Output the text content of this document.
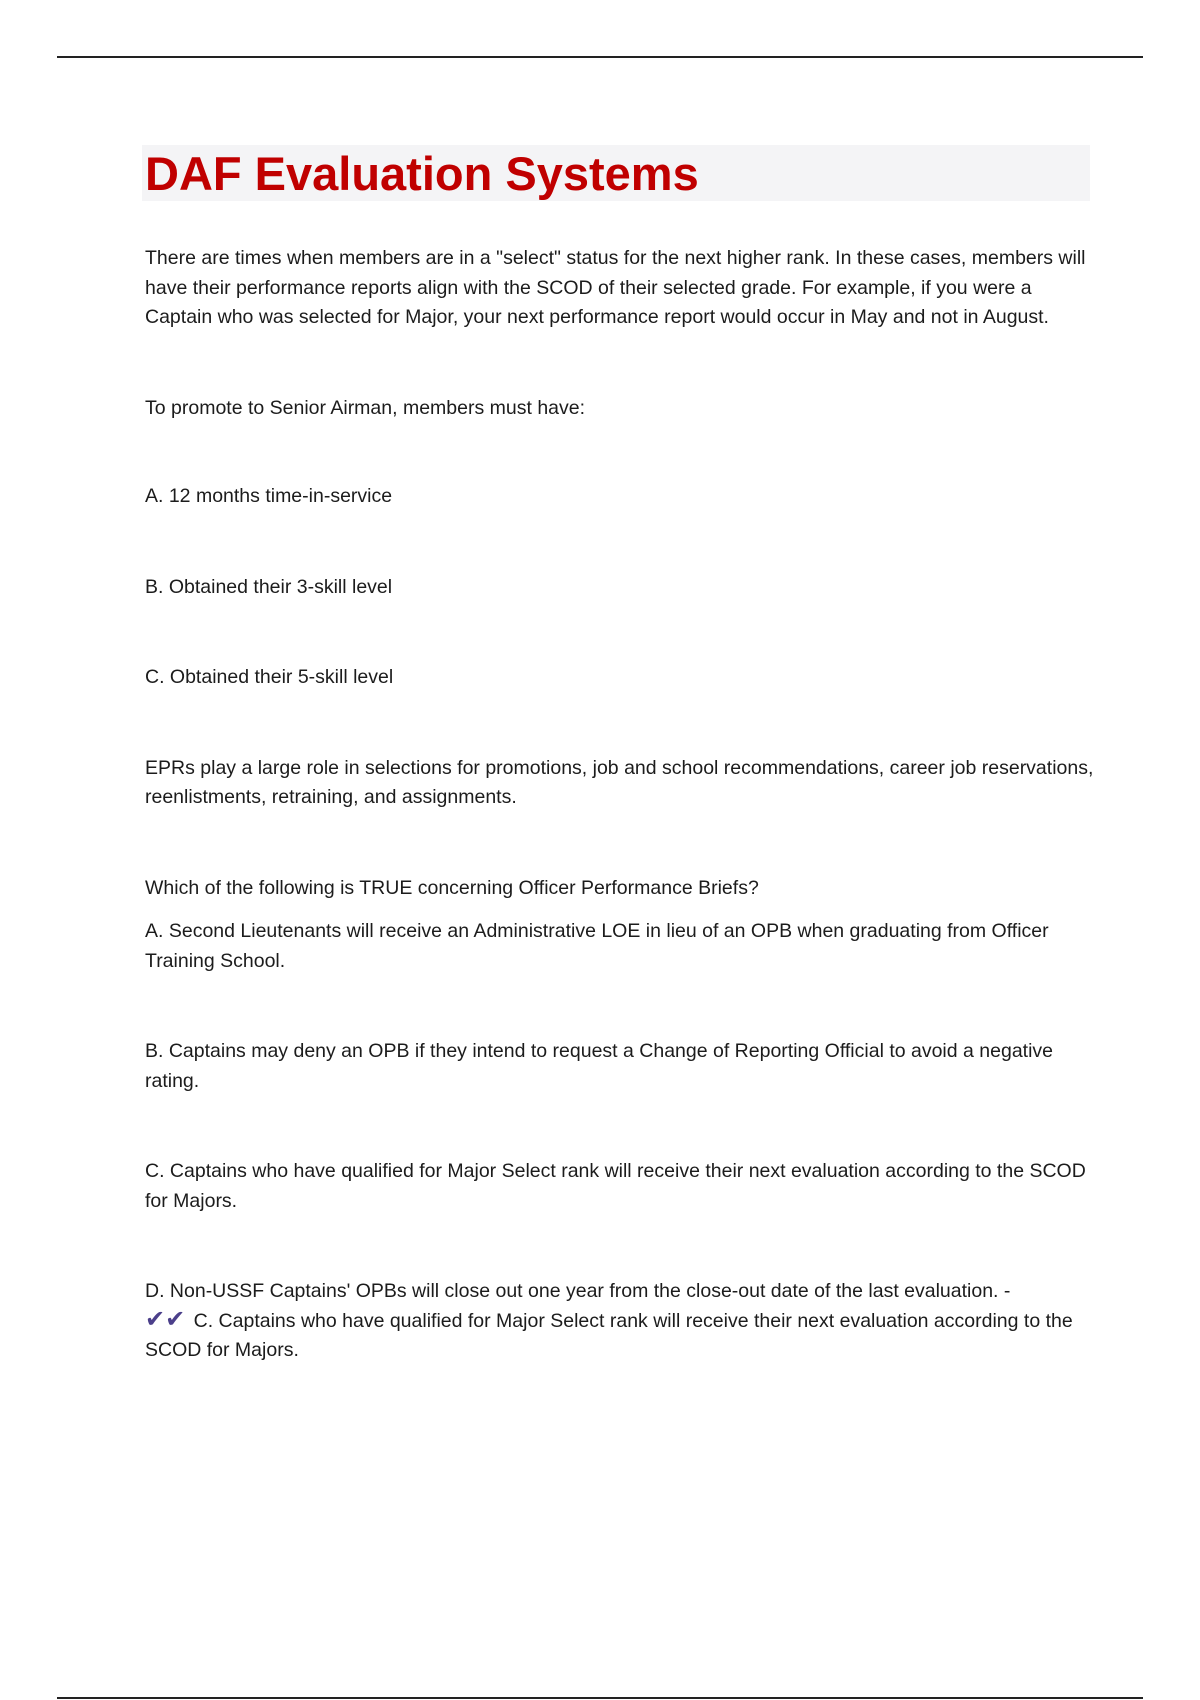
DAF Evaluation Systems

There are times when members are in a "select" status for the next higher rank. In these cases, members will have their performance reports align with the SCOD of their selected grade. For example, if you were a Captain who was selected for Major, your next performance report would occur in May and not in August.

To promote to Senior Airman, members must have:

A. 12 months time-in-service

B. Obtained their 3-skill level

C. Obtained their 5-skill level

EPRs play a large role in selections for promotions, job and school recommendations, career job reservations, reenlistments, retraining, and assignments.

Which of the following is TRUE concerning Officer Performance Briefs?

A. Second Lieutenants will receive an Administrative LOE in lieu of an OPB when graduating from Officer Training School.

B. Captains may deny an OPB if they intend to request a Change of Reporting Official to avoid a negative rating.

C. Captains who have qualified for Major Select rank will receive their next evaluation according to the SCOD for Majors.

D. Non-USSF Captains' OPBs will close out one year from the close-out date of the last evaluation. -
✔✔ C. Captains who have qualified for Major Select rank will receive their next evaluation according to the SCOD for Majors.
